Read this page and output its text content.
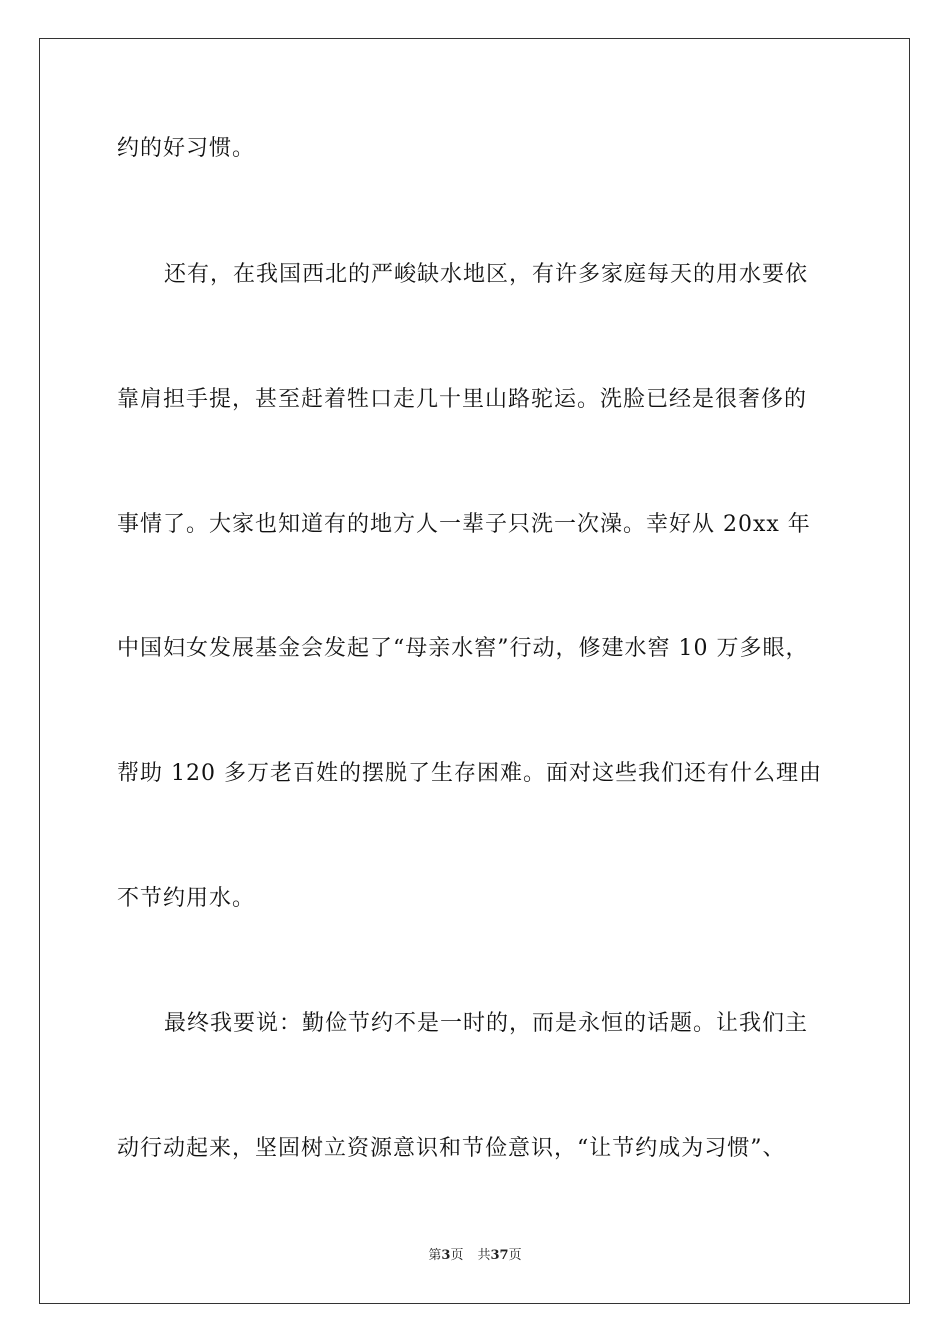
约的好习惯。
还有，在我国西北的严峻缺水地区，有许多家庭每天的用水要依
靠肩担手提，甚至赶着牲口走几十里山路驼运。洗脸已经是很奢侈的
事情了。大家也知道有的地方人一辈子只洗一次澡。幸好从 20xx 年
中国妇女发展基金会发起了“母亲水窖”行动，修建水窖 10 万多眼，
帮助 120 多万老百姓的摆脱了生存困难。面对这些我们还有什么理由
不节约用水。
最终我要说：勤俭节约不是一时的，而是永恒的话题。让我们主
动行动起来，坚固树立资源意识和节俭意识，“让节约成为习惯”、
第3页 共37页
